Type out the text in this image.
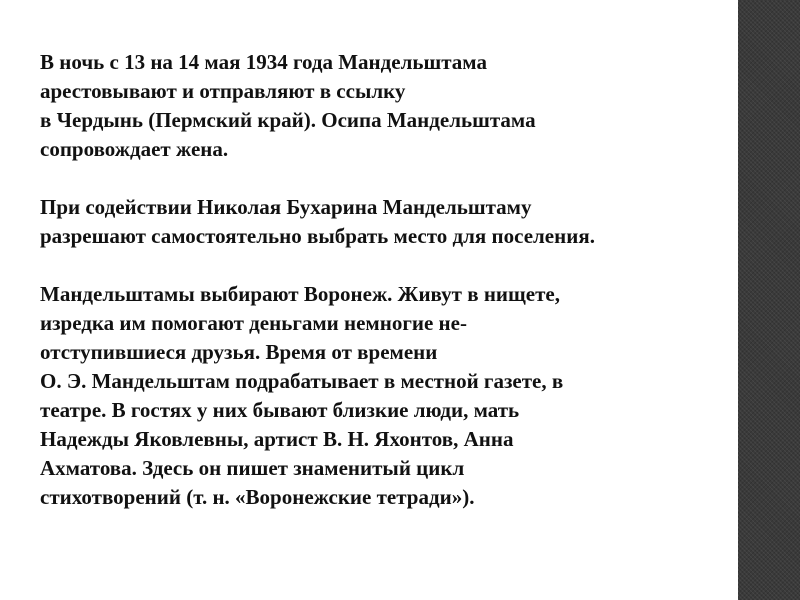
В ночь с 13 на 14 мая 1934 года Мандельштама
арестовывают и отправляют в ссылку
в Чердынь (Пермский край). Осипа Мандельштама
сопровождает жена.

При содействии Николая Бухарина Мандельштаму
разрешают самостоятельно выбрать место для поселения.

Мандельштамы выбирают Воронеж. Живут в нищете,
изредка им помогают деньгами немногие не-
отступившиеся друзья. Время от времени
О. Э. Мандельштам подрабатывает в местной газете, в
театре. В гостях у них бывают близкие люди, мать
Надежды Яковлевны, артист В. Н. Яхонтов, Анна
Ахматова. Здесь он пишет знаменитый цикл
стихотворений (т. н. «Воронежские тетради»).
